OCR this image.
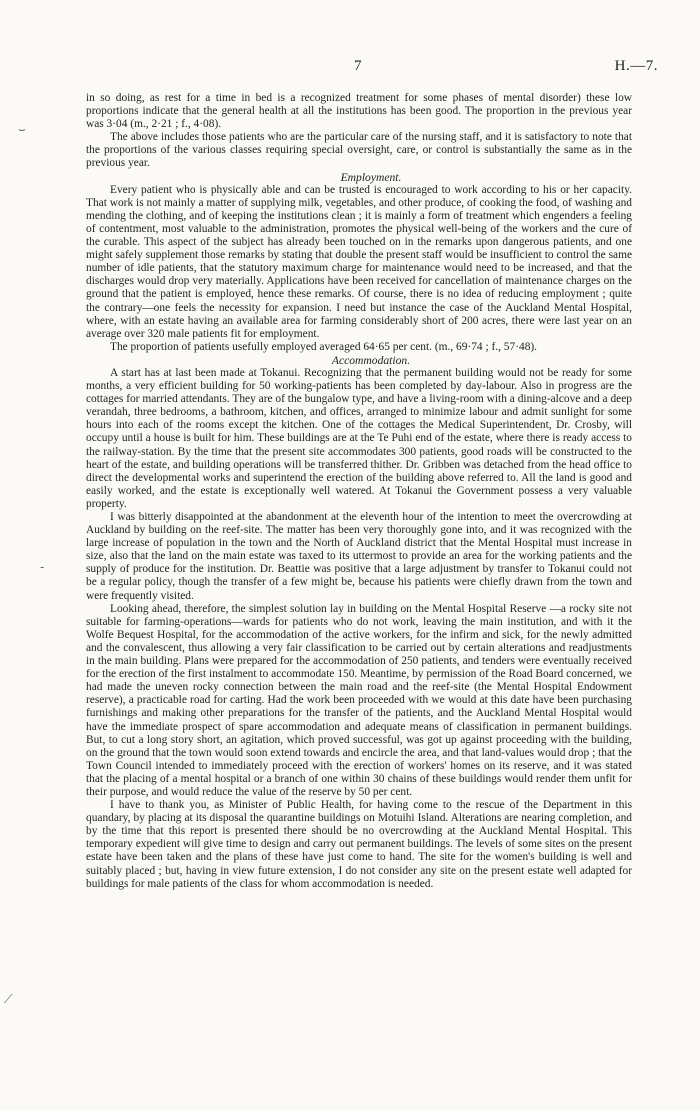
7	H.—7.
⌣
-
⟋

in so doing, as rest for a time in bed is a recognized treatment for some phases of mental disorder) these low proportions indicate that the general health at all the institutions has been good. The proportion in the previous year was 3·04 (m., 2·21 ; f., 4·08).

The above includes those patients who are the particular care of the nursing staff, and it is satisfactory to note that the proportions of the various classes requiring special oversight, care, or control is substantially the same as in the previous year.

Employment.

Every patient who is physically able and can be trusted is encouraged to work according to his or her capacity. That work is not mainly a matter of supplying milk, vegetables, and other produce, of cooking the food, of washing and mending the clothing, and of keeping the institutions clean ; it is mainly a form of treatment which engenders a feeling of contentment, most valuable to the administration, promotes the physical well-being of the workers and the cure of the curable. This aspect of the subject has already been touched on in the remarks upon dangerous patients, and one might safely supplement those remarks by stating that double the present staff would be insufficient to control the same number of idle patients, that the statutory maximum charge for maintenance would need to be increased, and that the discharges would drop very materially. Applications have been received for cancellation of maintenance charges on the ground that the patient is employed, hence these remarks. Of course, there is no idea of reducing employment ; quite the contrary—one feels the necessity for expansion. I need but instance the case of the Auckland Mental Hospital, where, with an estate having an available area for farming considerably short of 200 acres, there were last year on an average over 320 male patients fit for employment.

The proportion of patients usefully employed averaged 64·65 per cent. (m., 69·74 ; f., 57·48).

Accommodation.

A start has at last been made at Tokanui. Recognizing that the permanent building would not be ready for some months, a very efficient building for 50 working-patients has been completed by day-labour. Also in progress are the cottages for married attendants. They are of the bungalow type, and have a living-room with a dining-alcove and a deep verandah, three bedrooms, a bathroom, kitchen, and offices, arranged to minimize labour and admit sunlight for some hours into each of the rooms except the kitchen. One of the cottages the Medical Superintendent, Dr. Crosby, will occupy until a house is built for him. These buildings are at the Te Puhi end of the estate, where there is ready access to the railway-station. By the time that the present site accommodates 300 patients, good roads will be constructed to the heart of the estate, and building operations will be transferred thither. Dr. Gribben was detached from the head office to direct the developmental works and superintend the erection of the building above referred to. All the land is good and easily worked, and the estate is exceptionally well watered. At Tokanui the Government possess a very valuable property.

I was bitterly disappointed at the abandonment at the eleventh hour of the intention to meet the overcrowding at Auckland by building on the reef-site. The matter has been very thoroughly gone into, and it was recognized with the large increase of population in the town and the North of Auckland district that the Mental Hospital must increase in size, also that the land on the main estate was taxed to its uttermost to provide an area for the working patients and the supply of produce for the institution. Dr. Beattie was positive that a large adjustment by transfer to Tokanui could not be a regular policy, though the transfer of a few might be, because his patients were chiefly drawn from the town and were frequently visited.

Looking ahead, therefore, the simplest solution lay in building on the Mental Hospital Reserve —a rocky site not suitable for farming-operations—wards for patients who do not work, leaving the main institution, and with it the Wolfe Bequest Hospital, for the accommodation of the active workers, for the infirm and sick, for the newly admitted and the convalescent, thus allowing a very fair classification to be carried out by certain alterations and readjustments in the main building. Plans were prepared for the accommodation of 250 patients, and tenders were eventually received for the erection of the first instalment to accommodate 150. Meantime, by permission of the Road Board concerned, we had made the uneven rocky connection between the main road and the reef-site (the Mental Hospital Endowment reserve), a practicable road for carting. Had the work been proceeded with we would at this date have been purchasing furnishings and making other preparations for the transfer of the patients, and the Auckland Mental Hospital would have the immediate prospect of spare accommodation and adequate means of classification in permanent buildings. But, to cut a long story short, an agitation, which proved successful, was got up against proceeding with the building, on the ground that the town would soon extend towards and encircle the area, and that land-values would drop ; that the Town Council intended to immediately proceed with the erection of workers' homes on its reserve, and it was stated that the placing of a mental hospital or a branch of one within 30 chains of these buildings would render them unfit for their purpose, and would reduce the value of the reserve by 50 per cent.

I have to thank you, as Minister of Public Health, for having come to the rescue of the Department in this quandary, by placing at its disposal the quarantine buildings on Motuihi Island. Alterations are nearing completion, and by the time that this report is presented there should be no overcrowding at the Auckland Mental Hospital. This temporary expedient will give time to design and carry out permanent buildings. The levels of some sites on the present estate have been taken and the plans of these have just come to hand. The site for the women's building is well and suitably placed ; but, having in view future extension, I do not consider any site on the present estate well adapted for buildings for male patients of the class for whom accommodation is needed.
